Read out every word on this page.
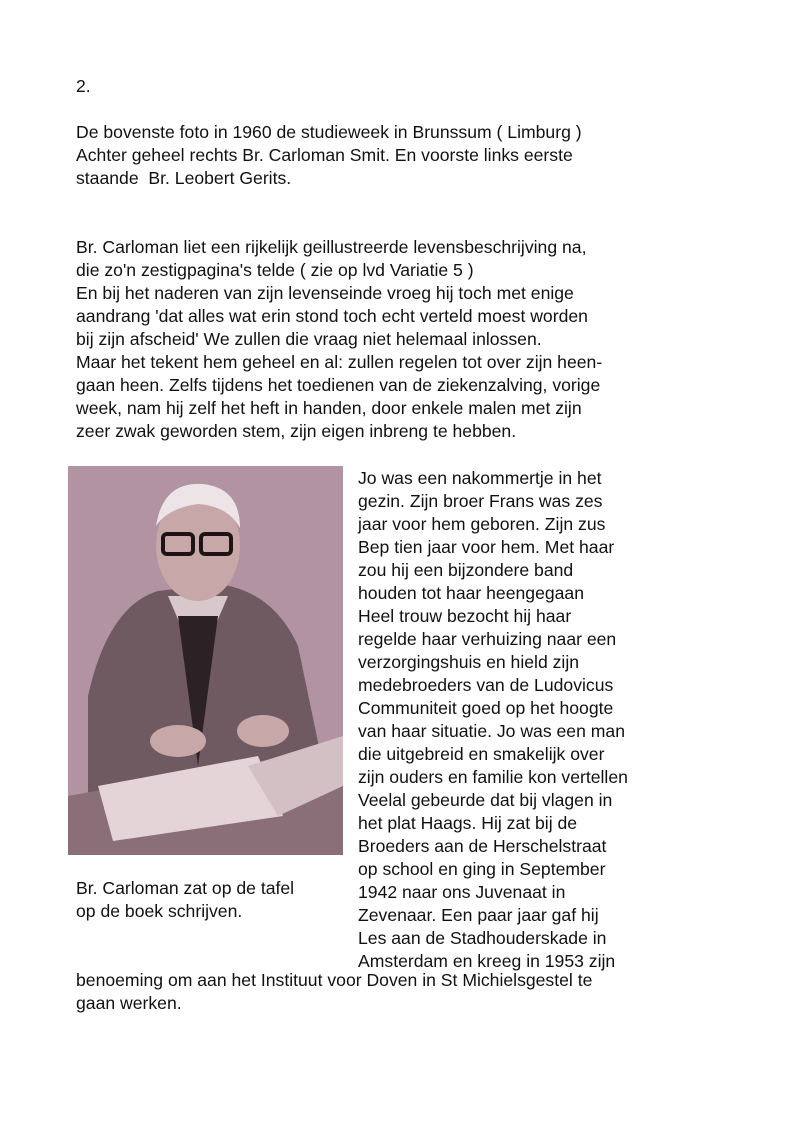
2.

De bovenste foto in 1960 de studieweek in Brunssum ( Limburg )
Achter geheel rechts Br. Carloman Smit. En voorste links eerste
staande  Br. Leobert Gerits.
Br. Carloman liet een rijkelijk geillustreerde levensbeschrijving na,
die zo'n zestigpagina's telde ( zie op lvd Variatie 5 )
En bij het naderen van zijn levenseinde vroeg hij toch met enige
aandrang 'dat alles wat erin stond toch echt verteld moest worden
bij zijn afscheid' We zullen die vraag niet helemaal inlossen.
Maar het tekent hem geheel en al: zullen regelen tot over zijn heen-
gaan heen. Zelfs tijdens het toedienen van de ziekenzalving, vorige
week, nam hij zelf het heft in handen, door enkele malen met zijn
zeer zwak geworden stem, zijn eigen inbreng te hebben.
Jo was een nakommertje in het
gezin. Zijn broer Frans was zes
jaar voor hem geboren. Zijn zus
Bep tien jaar voor hem. Met haar
zou hij een bijzondere band
houden tot haar heengegaan
Heel trouw bezocht hij haar
regelde haar verhuizing naar een
verzorgingshuis en hield zijn
medebroeders van de Ludovicus
Communiteit goed op het hoogte
van haar situatie. Jo was een man
die uitgebreid en smakelijk over
zijn ouders en familie kon vertellen
Veelal gebeurde dat bij vlagen in
het plat Haags. Hij zat bij de
Broeders aan de Herschelstraat
op school en ging in September
1942 naar ons Juvenaat in
Zevenaar. Een paar jaar gaf hij
Les aan de Stadhouderskade in
Amsterdam en kreeg in 1953 zijn
Br. Carloman zat op de tafel
op de boek schrijven.
benoeming om aan het Instituut voor Doven in St Michielsgestel te
gaan werken.
